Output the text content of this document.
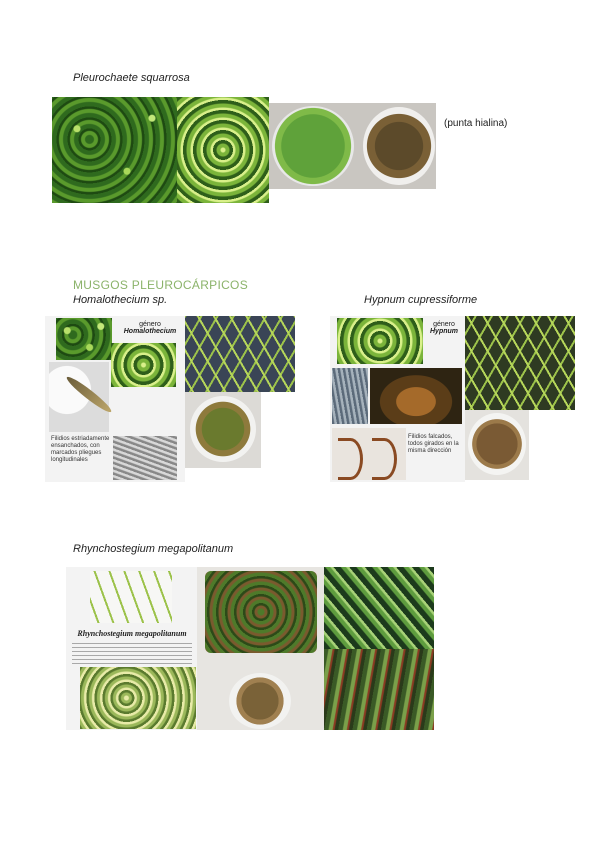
Pleurochaete squarrosa
(punta hialina)
MUSGOS PLEUROCÁRPICOS
Homalothecium sp.
género
Homalothecium
Filidios estriadamente ensanchados, con marcados pliegues longitudinales
Hypnum cupressiforme
género
Hypnum
Filidios falcados, todos girados en la misma dirección
Rhynchostegium megapolitanum
Rhynchostegium megapolitanum
